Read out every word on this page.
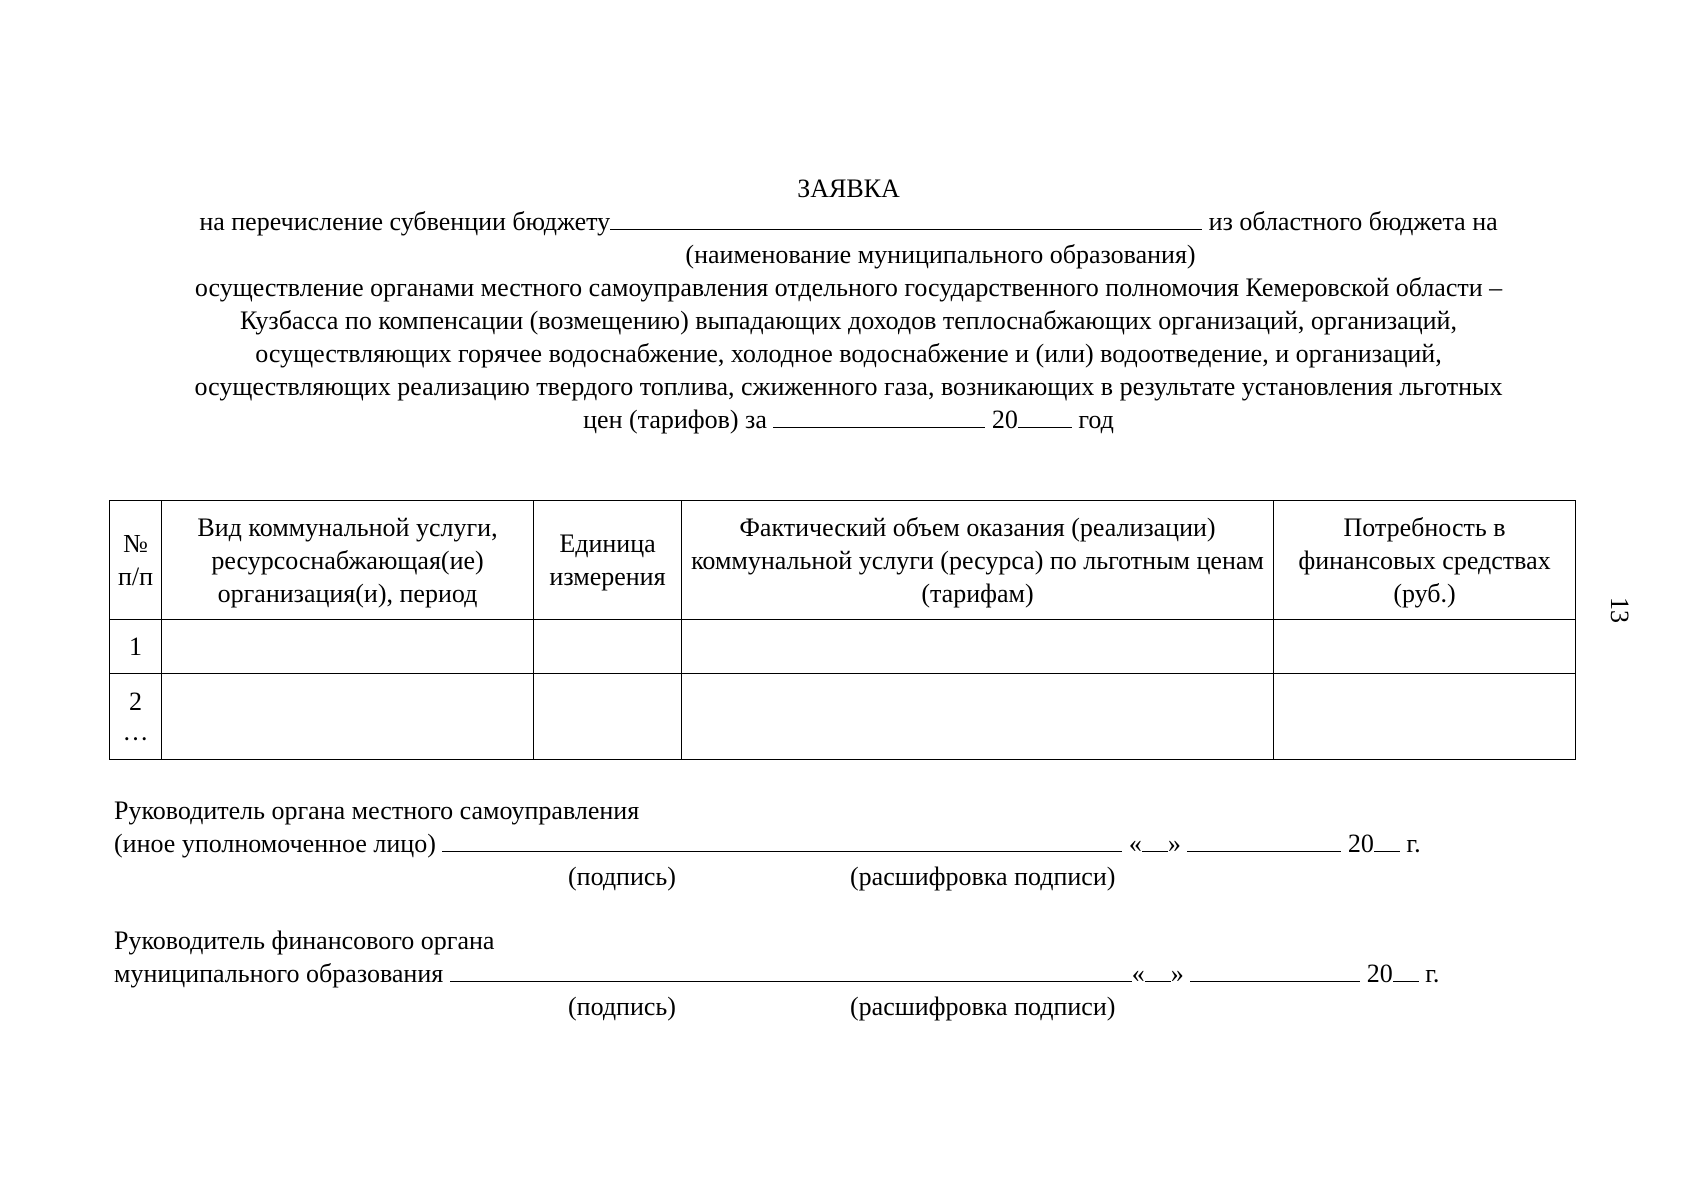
13
ЗАЯВКА
на перечисление субвенции бюджету	из областного бюджета на
(наименование муниципального образования)
осуществление органами местного самоуправления отдельного государственного полномочия Кемеровской области –
Кузбасса по компенсации (возмещению) выпадающих доходов теплоснабжающих организаций, организаций,
осуществляющих горячее водоснабжение, холодное водоснабжение и (или) водоотведение, и организаций,
осуществляющих реализацию твердого топлива, сжиженного газа, возникающих в результате установления льготных
цен (тарифов) за	20 год
№ п/п	Вид коммунальной услуги, ресурсоснабжающая(ие) организация(и), период	Единица измерения	Фактический объем оказания (реализации) коммунальной услуги (ресурса) по льготным ценам (тарифам)	Потребность в финансовых средствах (руб.)
1				

2
…				

Руководитель органа местного самоуправления
(иное уполномоченное лицо)	« »	20 г.
(подпись)	(расшифровка подписи)
Руководитель финансового органа
муниципального образования	« »	20 г.
(подпись)	(расшифровка подписи)
